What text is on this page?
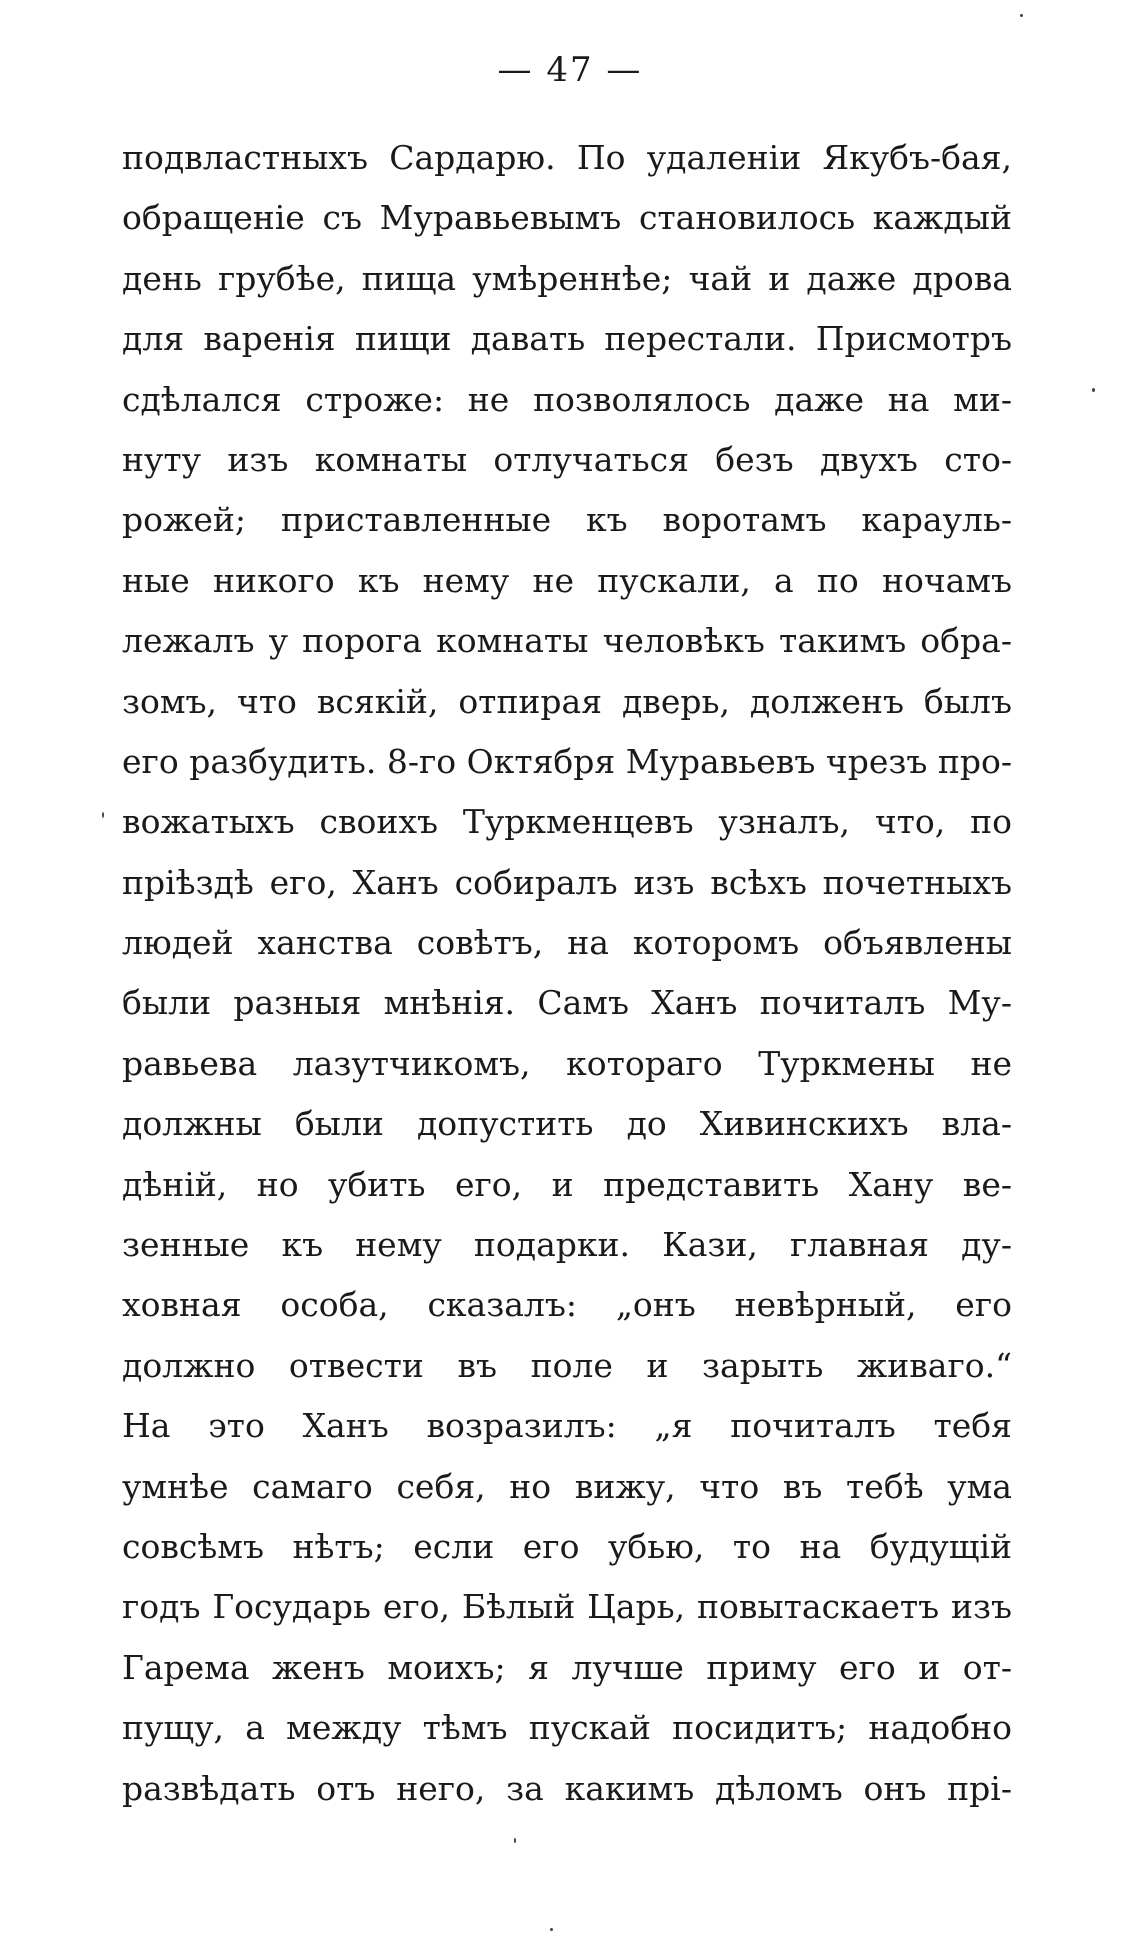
— 47 —
подвластныхъ Сардарю. По удаленіи Якубъ-бая,
обращеніе съ Муравьевымъ становилось каждый
день грубѣе, пища умѣреннѣе; чай и даже дрова
для варенія пищи давать перестали. Присмотръ
сдѣлался строже: не позволялось даже на ми-
нуту изъ комнаты отлучаться безъ двухъ сто-
рожей; приставленные къ воротамъ карауль-
ные никого къ нему не пускали, а по ночамъ
лежалъ у порога комнаты человѣкъ такимъ обра-
зомъ, что всякій, отпирая дверь, долженъ былъ
его разбудить. 8-го Октября Муравьевъ чрезъ про-
вожатыхъ своихъ Туркменцевъ узналъ, что, по
пріѣздѣ его, Ханъ собиралъ изъ всѣхъ почетныхъ
людей ханства совѣтъ, на которомъ объявлены
были разныя мнѣнія. Самъ Ханъ почиталъ Му-
равьева лазутчикомъ, котораго Туркмены не
должны были допустить до Хивинскихъ вла-
дѣній, но убить его, и представить Хану ве-
зенные къ нему подарки. Кази, главная ду-
ховная особа, сказалъ: „онъ невѣрный, его
должно отвести въ поле и зарыть живаго.“
На это Ханъ возразилъ: „я почиталъ тебя
умнѣе самаго себя, но вижу, что въ тебѣ ума
совсѣмъ нѣтъ; если его убью, то на будущій
годъ Государь его, Бѣлый Царь, повытаскаетъ изъ
Гарема женъ моихъ; я лучше приму его и от-
пущу, а между тѣмъ пускай посидитъ; надобно
развѣдать отъ него, за какимъ дѣломъ онъ прі-
